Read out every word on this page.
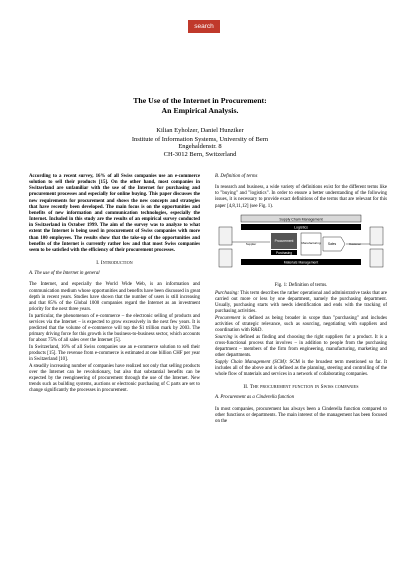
search
The Use of the Internet in Procurement:
An Empirical Analysis.
Kilian Eyholzer, Daniel Hunziker
Institute of Information Systems, University of Bern
Engehaldenstr. 8
CH-3012 Bern, Switzerland
According to a recent survey, 16% of all Swiss companies use an e-commerce solution to sell their products [15]. On the other hand, most companies in Switzerland are unfamiliar with the use of the Internet for purchasing and procurement processes and especially for online buying. This paper discusses the new requirements for procurement and shows the new concepts and strategies that have recently been developed. The main focus is on the opportunities and benefits of new information and communication technologies, especially the Internet. Included in this study are the results of an empirical survey conducted in Switzerland in October 1999. The aim of the survey was to analyze to what extent the Internet is being used in procurement of Swiss companies with more than 100 employees. The results show that the take-up of the opportunities and benefits of the Internet is currently rather low and that most Swiss companies seem to be satisfied with the efficiency of their procurement processes.
I. Introduction
A. The use of the Internet in general
The Internet, and especially the World Wide Web, is an information and communication medium whose opportunities and benefits have been discussed in great depth in recent years. Studies have shown that the number of users is still increasing and that 85% of the Global 1000 companies regard the Internet as an investment priority for the next three years.
In particular, the phenomenon of e-commerce – the electronic selling of products and services via the Internet – is expected to grow excessively in the next few years. It is predicted that the volume of e-commerce will top the $1 trillion mark by 2003. The primary driving force for this growth is the business-to-business sector, which accounts for about 75% of all sales over the Internet [5].
In Switzerland, 16% of all Swiss companies use an e-commerce solution to sell their products [15]. The revenue from e-commerce is estimated at one billion CHF per year in Switzerland [10].
A steadily increasing number of companies have realized not only that selling products over the Internet can be revolutionary, but also that substantial benefits can be expected by the reengineering of procurement through the use of the Internet. New trends such as building systems, auctions or electronic purchasing of C parts are set to change significantly the processes in procurement.
B. Definition of terms
In research and business, a wide variety of definitions exist for the different terms like to "buying" and "logistics". In order to ensure a better understanding of the following issues, it is necessary to provide exact definitions of the terms that are relevant for this paper [4,8,11,12] (see Fig. 1).
Supply Chain Management
Logistics
Procurement	Manufacturing Sales
Purchasing
Materials Management
Supplier	Customer
Fig. 1: Definition of terms.
Purchasing: This term describes the rather operational and administrative tasks that are carried out more or less by one department, namely the purchasing department. Usually, purchasing starts with needs identification and ends with the tracking of purchasing activities.
Procurement is defined as being broader in scope than "purchasing" and includes activities of strategic relevance, such as sourcing, negotiating with suppliers and coordination with R&D.
Sourcing is defined as finding and choosing the right suppliers for a product. It is a cross-functional process that involves – in addition to people from the purchasing department – members of the firm from engineering, manufacturing, marketing and other departments.
Supply Chain Management (SCM): SCM is the broadest term mentioned so far. It includes all of the above and is defined as the planning, steering and controlling of the whole flow of materials and services in a network of collaborating companies.
II. The procurement function in Swiss companies
A. Procurement as a Cinderella function
In most companies, procurement has always been a Cinderella function compared to other functions or departments. The main interest of the management has been focused on the
